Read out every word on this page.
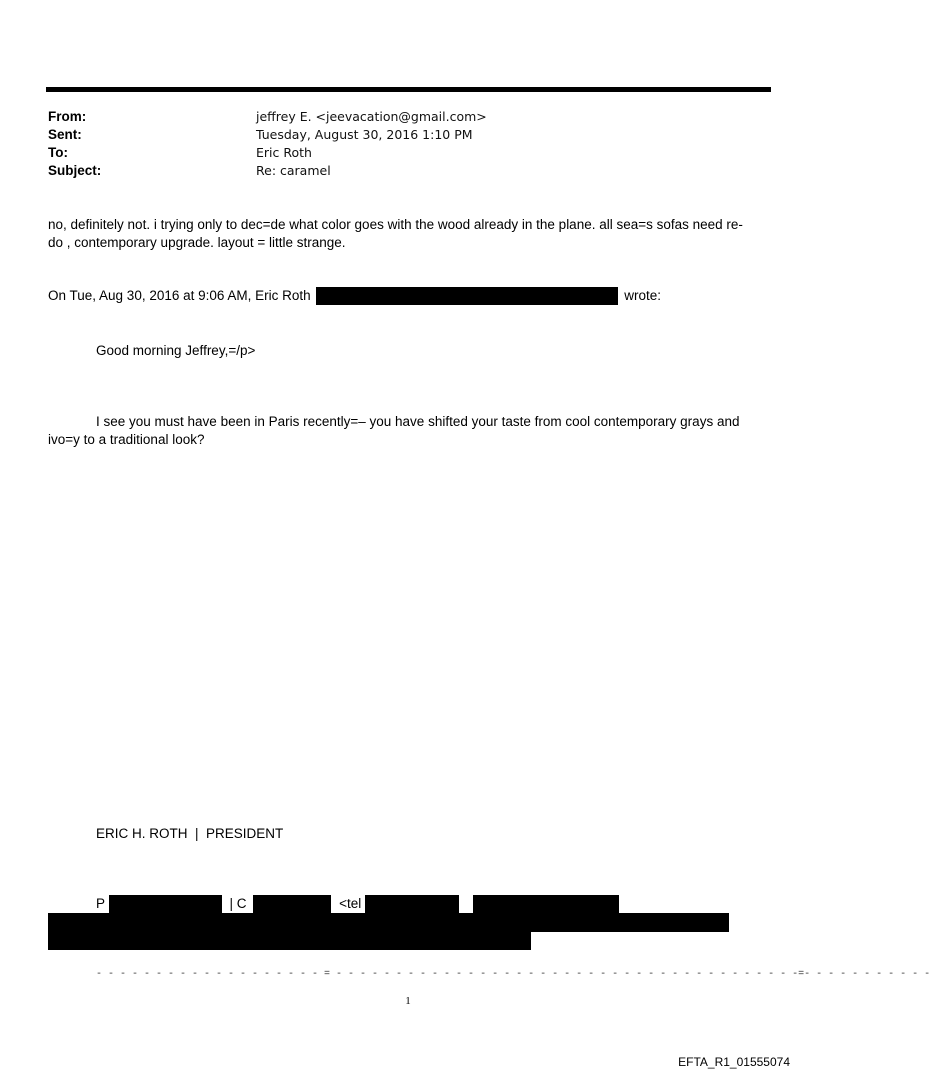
From:	jeffrey E. <jeevacation@gmail.com>
Sent:	Tuesday, August 30, 2016 1:10 PM
To:	Eric Roth
Subject:	Re: caramel
no, definitely not. i trying only to dec=de what color goes with the wood already in the plane. all sea=s sofas need re-
do , contemporary upgrade. layout = little strange.
On Tue, Aug 30, 2016 at 9:06 AM, Eric Roth	wrote:
Good morning Jeffrey,=/p>
I see you must have been in Paris recently=– you have shifted your taste from cool contemporary grays and ivo=y to a traditional look?
ERIC H. ROTH  |  PRESIDENT
P	| C	<tel
- - - - - - - - - - - - - - - - - - - = - - - - - - - - - - - - - - - - - - - - - - - - - - - - - - - - - - - - - - -=- - - - - - - - - - -
1
EFTA_R1_01555074
